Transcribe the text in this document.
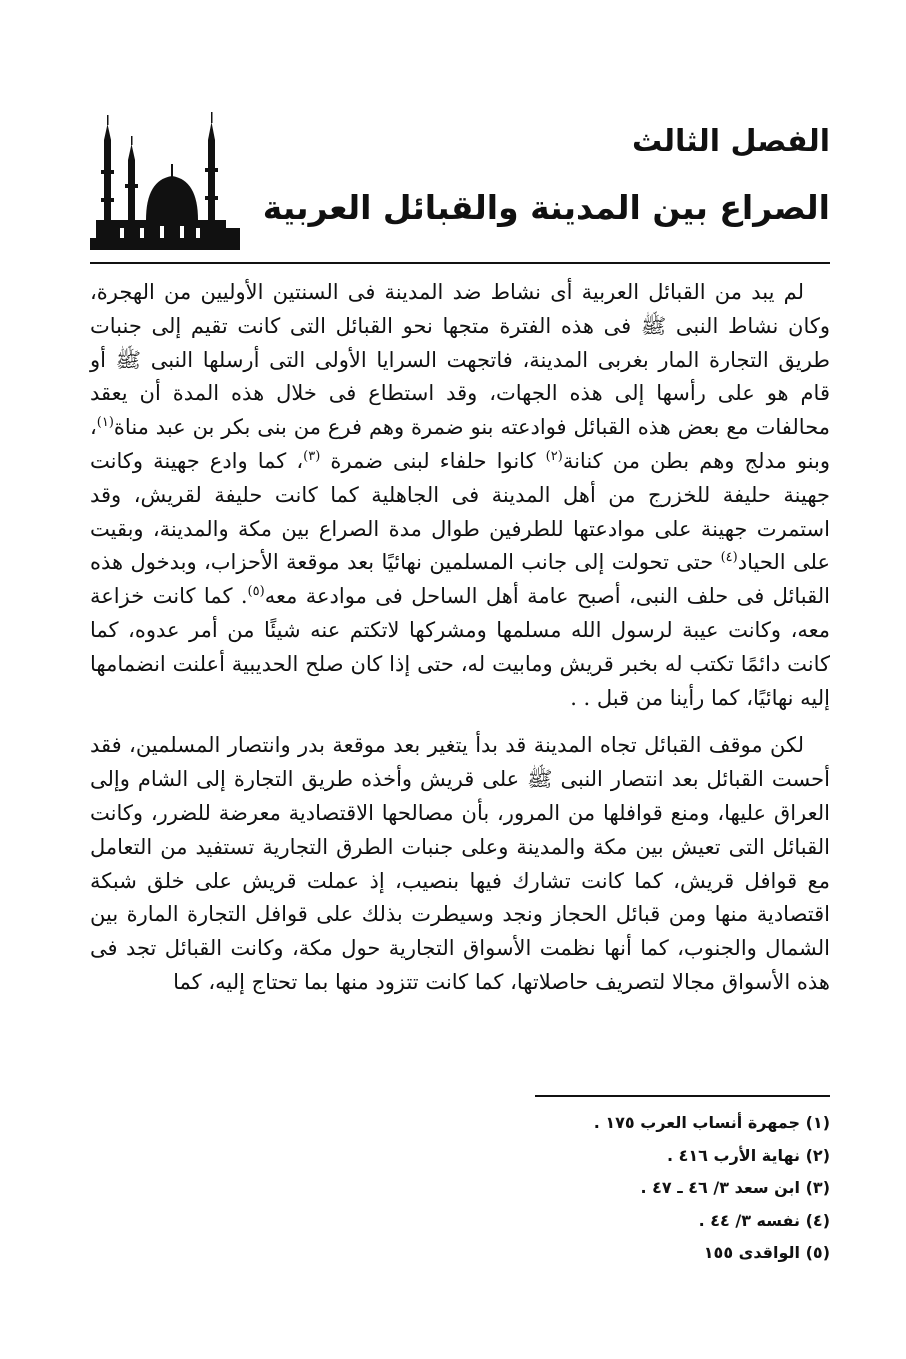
الفصل الثالث
الصراع بين المدينة والقبائل العربية

لم يبد من القبائل العربية أى نشاط ضد المدينة فى السنتين الأوليين من الهجرة، وكان نشاط النبى ﷺ فى هذه الفترة متجها نحو القبائل التى كانت تقيم إلى جنبات طريق التجارة المار بغربى المدينة، فاتجهت السرايا الأولى التى أرسلها النبى ﷺ أو قام هو على رأسها إلى هذه الجهات، وقد استطاع فى خلال هذه المدة أن يعقد محالفات مع بعض هذه القبائل فوادعته بنو ضمرة وهم فرع من بنى بكر بن عبد مناة$^{(١)}$، وبنو مدلج وهم بطن من كنانة$^{(٢)}$ كانوا حلفاء لبنى ضمرة $^{(٣)}$، كما وادع جهينة وكانت جهينة حليفة للخزرج من أهل المدينة فى الجاهلية كما كانت حليفة لقريش، وقد استمرت جهينة على موادعتها للطرفين طوال مدة الصراع بين مكة والمدينة، وبقيت على الحياد$^{(٤)}$ حتى تحولت إلى جانب المسلمين نهائيًا بعد موقعة الأحزاب، وبدخول هذه القبائل فى حلف النبى، أصبح عامة أهل الساحل فى موادعة معه$^{(٥)}$. كما كانت خزاعة معه، وكانت عيبة لرسول الله مسلمها ومشركها لاتكتم عنه شيئًا من أمر عدوه، كما كانت دائمًا تكتب له بخبر قريش ومابيت له، حتى إذا كان صلح الحديبية أعلنت انضمامها إليه نهائيًا، كما رأينا من قبل . .

لكن موقف القبائل تجاه المدينة قد بدأ يتغير بعد موقعة بدر وانتصار المسلمين، فقد أحست القبائل بعد انتصار النبى ﷺ على قريش وأخذه طريق التجارة إلى الشام وإلى العراق عليها، ومنع قوافلها من المرور، بأن مصالحها الاقتصادية معرضة للضرر، وكانت القبائل التى تعيش بين مكة والمدينة وعلى جنبات الطرق التجارية تستفيد من التعامل مع قوافل قريش، كما كانت تشارك فيها بنصيب، إذ عملت قريش على خلق شبكة اقتصادية منها ومن قبائل الحجاز ونجد وسيطرت بذلك على قوافل التجارة المارة بين الشمال والجنوب، كما أنها نظمت الأسواق التجارية حول مكة، وكانت القبائل تجد فى هذه الأسواق مجالا لتصريف حاصلاتها، كما كانت تتزود منها بما تحتاج إليه، كما

(١) جمهرة أنساب العرب ١٧٥ .
(٢) نهاية الأرب ٤١٦ .
(٣) ابن سعد ٣/ ٤٦ ـ ٤٧ .
(٤) نفسه ٣/ ٤٤ .
(٥) الواقدى ١٥٥
